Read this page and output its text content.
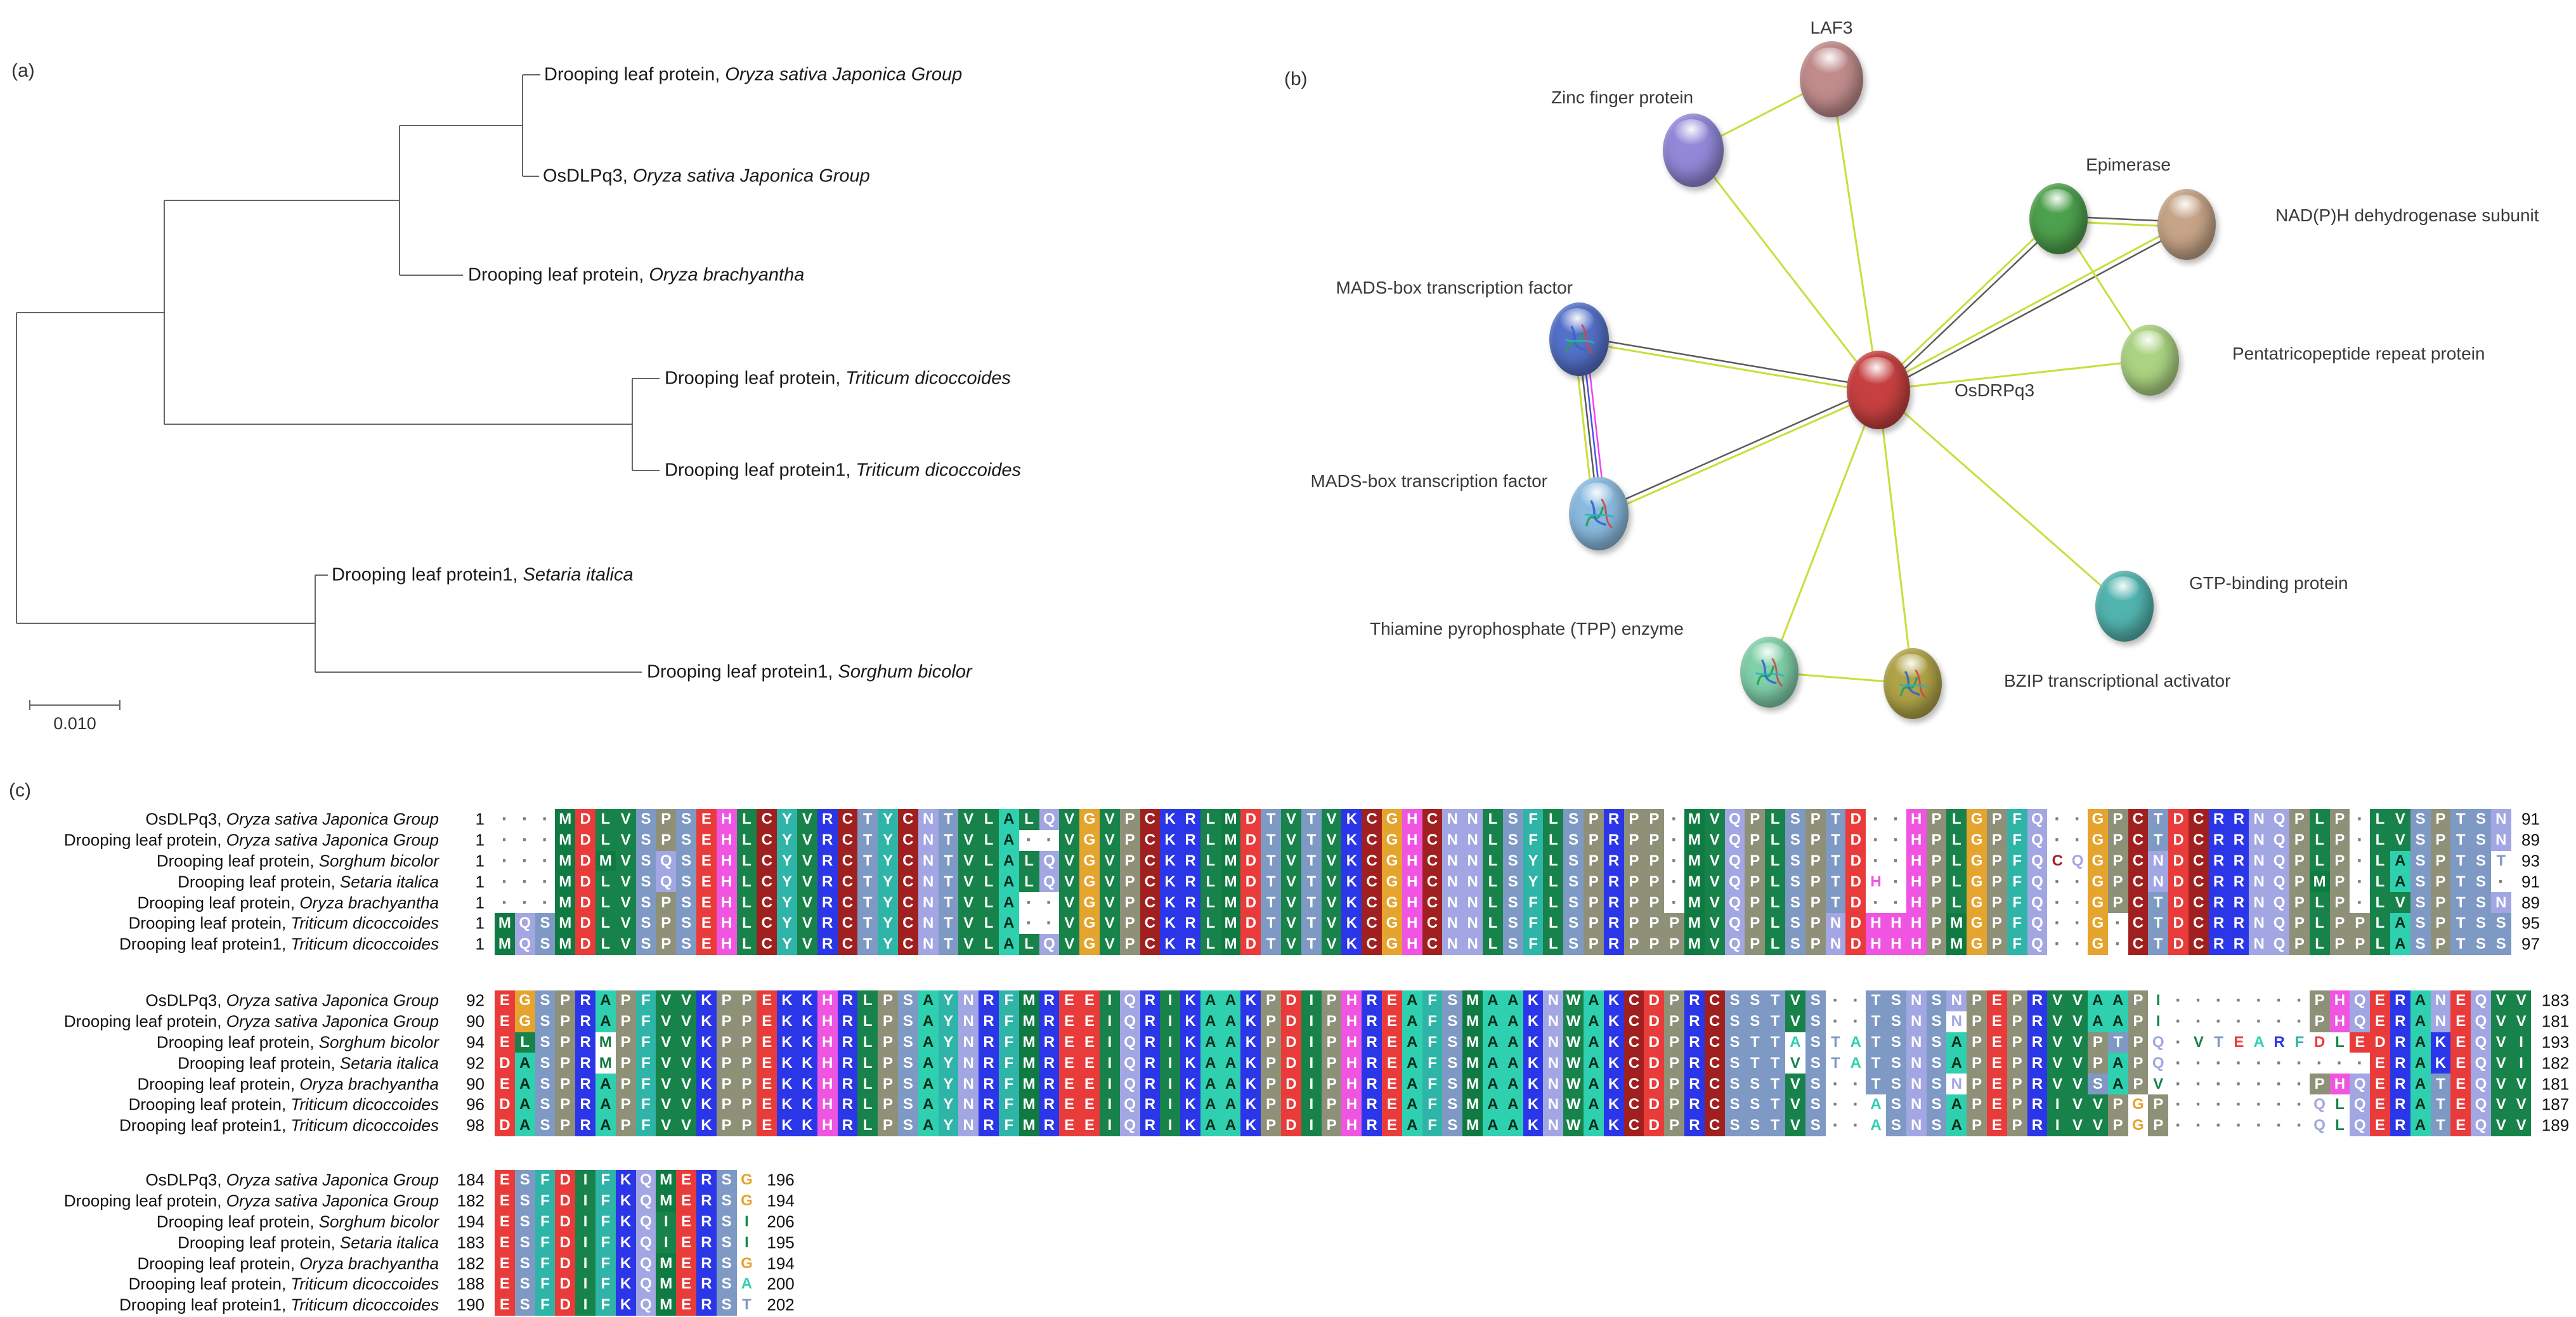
(a)	(b)
(c)
Drooping leaf protein, Oryza sativa Japonica Group
OsDLPq3, Oryza sativa Japonica Group
Drooping leaf protein, Oryza brachyantha
Drooping leaf protein, Triticum dicoccoides
Drooping leaf protein1, Triticum dicoccoides
Drooping leaf protein1, Setaria italica
Drooping leaf protein1, Sorghum bicolor
0.010
LAF3
Zinc finger protein
Epimerase
NAD(P)H dehydrogenase subunit
Pentatricopeptide repeat protein
MADS-box transcription factor
MADS-box transcription factor
OsDRPq3
GTP-binding protein
Thiamine pyrophosphate (TPP) enzyme
BZIP transcriptional activator
OsDLPq3, Oryza sativa Japonica Group	1 · · · M D L V S P S E H L C Y V R C T Y C N T V L A L Q V G V P C K R L M D T V T V K C G H C N N L S F L S P R P P · M V Q P L S P T D · · H P L G P F Q · · G P C T D C R R N Q P L P · L V S P T S N 91
Drooping leaf protein, Oryza sativa Japonica Group	1 · · · M D L V S P S E H L C Y V R C T Y C N T V L A · · V G V P C K R L M D T V T V K C G H C N N L S F L S P R P P · M V Q P L S P T D · · H P L G P F Q · · G P C T D C R R N Q P L P · L V S P T S N 89
Drooping leaf protein, Sorghum bicolor	1 · · · M D M V S Q S E H L C Y V R C T Y C N T V L A L Q V G V P C K R L M D T V T V K C G H C N N L S Y L S P R P P · M V Q P L S P T D · · H P L G P F Q C Q G P C N D C R R N Q P L P · L A S P T S T 93
Drooping leaf protein, Setaria italica	1 · · · M D L V S Q S E H L C Y V R C T Y C N T V L A L Q V G V P C K R L M D T V T V K C G H C N N L S Y L S P R P P · M V Q P L S P T D H · H P L G P F Q · · G P C N D C R R N Q P M P · L A S P T S ·	91
Drooping leaf protein, Oryza brachyantha	1 · · · M D L V S P S E H L C Y V R C T Y C N T V L A · · V G V P C K R L M D T V T V K C G H C N N L S F L S P R P P · M V Q P L S P T D · · H P L G P F Q · · G P C T D C R R N Q P L P · L V S P T S N 89
Drooping leaf protein, Triticum dicoccoides	1 M Q S M D L V S P S E H L C Y V R C T Y C N T V L A · · V G V P C K R L M D T V T V K C G H C N N L S F L S P R P P P M V Q P L S P N D H H H P M G P F Q · · G · C T D C R R N Q P L P P L A S P T S S 95
Drooping leaf protein1, Triticum dicoccoides	1 M Q S M D L V S P S E H L C Y V R C T Y C N T V L A L Q V G V P C K R L M D T V T V K C G H C N N L S F L S P R P P P M V Q P L S P N D H H H P M G P F Q · · G · C T D C R R N Q P L P P L A S P T S S 97
OsDLPq3, Oryza sativa Japonica Group	92 E G S P R A P F V V K P P E K K H R L P S A Y N R F M R E E I Q R I K A A K P D I P H R E A F S M A A K N W A K C D P R C S S T V S · · T S N S N P E P R V V A A P I · · · · · · · P H Q E R A N E Q V V 183
Drooping leaf protein, Oryza sativa Japonica Group	90 E G S P R A P F V V K P P E K K H R L P S A Y N R F M R E E I Q R I K A A K P D I P H R E A F S M A A K N W A K C D P R C S S T V S · · T S N S N P E P R V V A A P I · · · · · · · P H Q E R A N E Q V V 181
Drooping leaf protein, Sorghum bicolor	94 E L S P R M P F V V K P P E K K H R L P S A Y N R F M R E E I Q R I K A A K P D I P H R E A F S M A A K N W A K C D P R C S T T A S T A T S N S A P E P R V V P T P Q · V T E A R F D L E D R A K E Q V I	193
Drooping leaf protein, Setaria italica	92 D A S P R M P F V V K P P E K K H R L P S A Y N R F M R E E I Q R I K A A K P D I P H R E A F S M A A K N W A K C D P R C S T T V S T A T S N S A P E P R V V P A P Q · · · · · · · · · · E R A K E Q V I	182
Drooping leaf protein, Oryza brachyantha	90 E A S P R A P F V V K P P E K K H R L P S A Y N R F M R E E I Q R I K A A K P D I P H R E A F S M A A K N W A K C D P R C S S T V S · · T S N S N P E P R V V S A P V · · · · · · · P H Q E R A T E Q V V 181
Drooping leaf protein, Triticum dicoccoides	96 D A S P R A P F V V K P P E K K H R L P S A Y N R F M R E E I Q R I K A A K P D I P H R E A F S M A A K N W A K C D P R C S S T V S · · A S N S A P E P R I V V P G P · · · · · · · Q L Q E R A T E Q V V 187
Drooping leaf protein1, Triticum dicoccoides	98 D A S P R A P F V V K P P E K K H R L P S A Y N R F M R E E I Q R I K A A K P D I P H R E A F S M A A K N W A K C D P R C S S T V S · · A S N S A P E P R I V V P G P · · · · · · · Q L Q E R A T E Q V V 189
OsDLPq3, Oryza sativa Japonica Group	184 E S F D I F K Q M E R S G 196
Drooping leaf protein, Oryza sativa Japonica Group	182 E S F D I F K Q M E R S G 194
Drooping leaf protein, Sorghum bicolor	194 E S F D I F K Q I E R S I	206
Drooping leaf protein, Setaria italica	183 E S F D I F K Q I E R S I	195
Drooping leaf protein, Oryza brachyantha	182 E S F D I F K Q M E R S G 194
Drooping leaf protein, Triticum dicoccoides	188 E S F D I F K Q M E R S A 200
Drooping leaf protein1, Triticum dicoccoides	190 E S F D I F K Q M E R S T 202
